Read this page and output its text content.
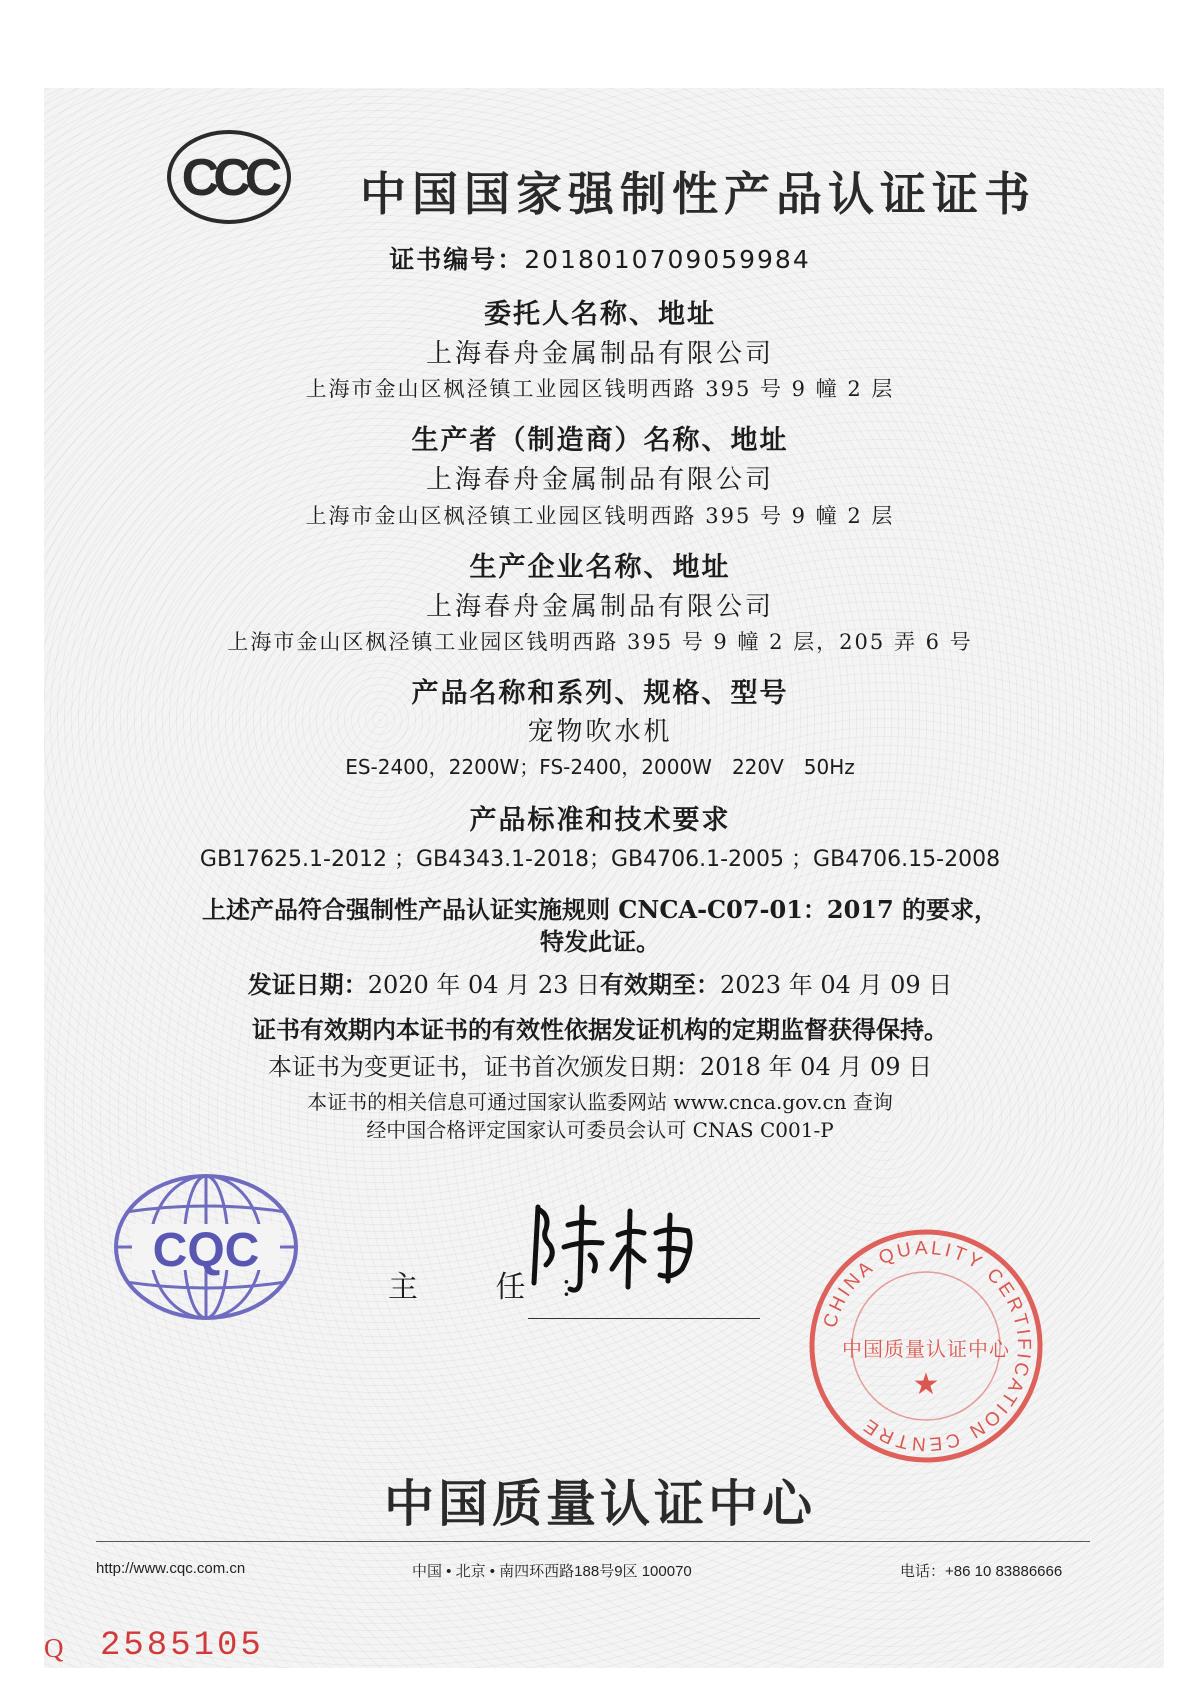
CCC 中国国家强制性产品认证证书
证书编号：2018010709059984
委托人名称、地址
上海春舟金属制品有限公司
上海市金山区枫泾镇工业园区钱明西路 395 号 9 幢 2 层
生产者（制造商）名称、地址
上海春舟金属制品有限公司
上海市金山区枫泾镇工业园区钱明西路 395 号 9 幢 2 层
生产企业名称、地址
上海春舟金属制品有限公司
上海市金山区枫泾镇工业园区钱明西路 395 号 9 幢 2 层，205 弄 6 号
产品名称和系列、规格、型号
宠物吹水机
ES-2400，2200W；FS-2400，2000W　220V　50Hz
产品标准和技术要求
GB17625.1-2012 ；GB4343.1-2018；GB4706.1-2005 ；GB4706.15-2008
上述产品符合强制性产品认证实施规则 CNCA-C07-01：2017 的要求，
特发此证。
发证日期：2020 年 04 月 23 日有效期至：2023 年 04 月 09 日
证书有效期内本证书的有效性依据发证机构的定期监督获得保持。
本证书为变更证书，证书首次颁发日期：2018 年 04 月 09 日
本证书的相关信息可通过国家认监委网站 www.cnca.gov.cn 查询
经中国合格评定国家认可委员会认可 CNAS C001-P
CQC
主 任：
CHINA QUALITY CERTIFICATION CENTRE
中国质量认证中心
★
中国质量认证中心
http://www.cqc.com.cn	中国 • 北京 • 南四环西路188号9区 100070	电话：+86 10 83886666
Q 2585105
